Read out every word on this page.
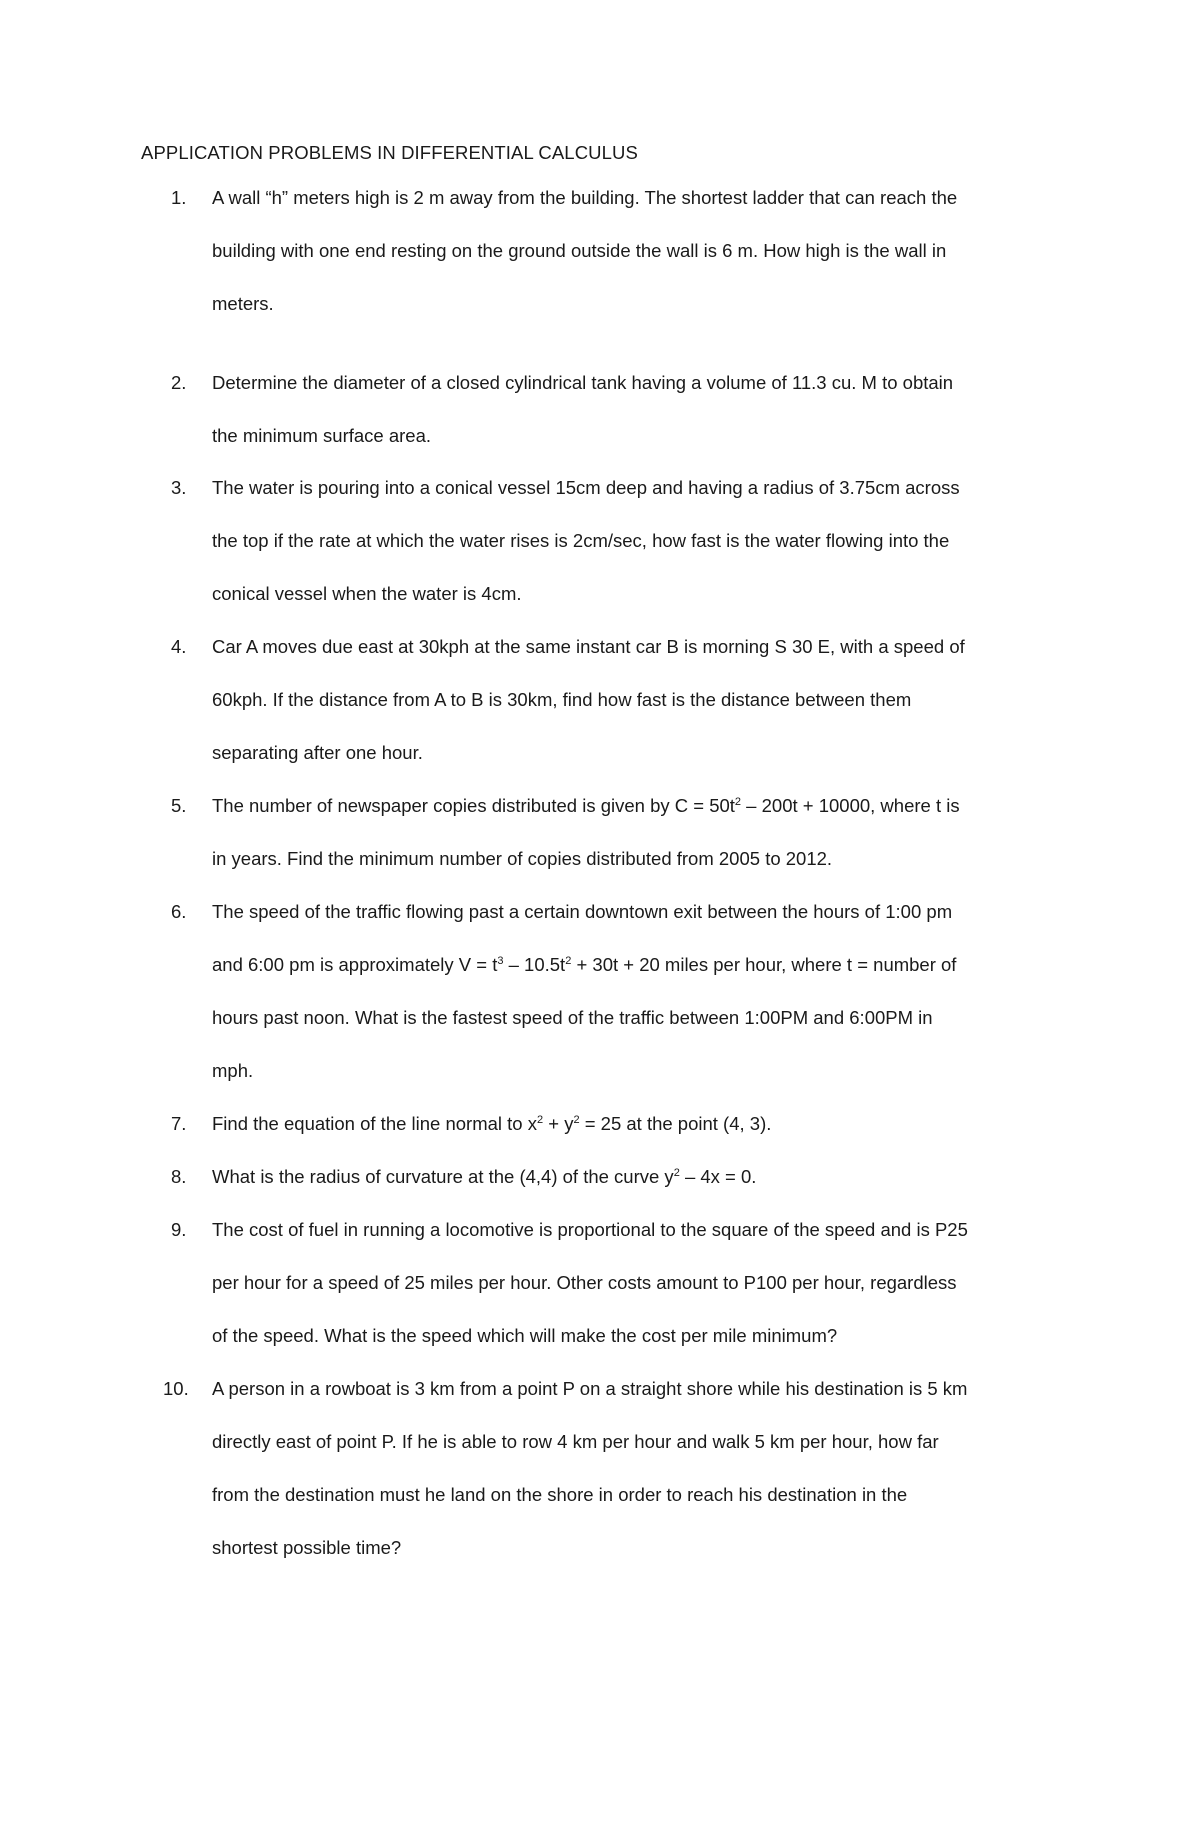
APPLICATION PROBLEMS IN DIFFERENTIAL CALCULUS
1.	A wall “h” meters high is 2 m away from the building. The shortest ladder that can reach the
building with one end resting on the ground outside the wall is 6 m. How high is the wall in
meters.
2.	Determine the diameter of a closed cylindrical tank having a volume of 11.3 cu. M to obtain
the minimum surface area.
3.	The water is pouring into a conical vessel 15cm deep and having a radius of 3.75cm across
the top if the rate at which the water rises is 2cm/sec, how fast is the water flowing into the
conical vessel when the water is 4cm.
4.	Car A moves due east at 30kph at the same instant car B is morning S 30 E, with a speed of
60kph. If the distance from A to B is 30km, find how fast is the distance between them
separating after one hour.
5.	The number of newspaper copies distributed is given by $C = 50t^2 - 200t + 10000$, where t is
in years. Find the minimum number of copies distributed from 2005 to 2012.
6.	The speed of the traffic flowing past a certain downtown exit between the hours of 1:00 pm
and 6:00 pm is approximately $V = t^3 - 10.5t^2 + 30t + 20$ miles per hour, where t = number of
hours past noon. What is the fastest speed of the traffic between 1:00PM and 6:00PM in
mph.
7.	Find the equation of the line normal to $x^2 + y^2 = 25$ at the point (4, 3).
8.	What is the radius of curvature at the (4,4) of the curve $y^2 - 4x = 0$.
9.	The cost of fuel in running a locomotive is proportional to the square of the speed and is P25
per hour for a speed of 25 miles per hour. Other costs amount to P100 per hour, regardless
of the speed. What is the speed which will make the cost per mile minimum?
10.	A person in a rowboat is 3 km from a point P on a straight shore while his destination is 5 km
directly east of point P. If he is able to row 4 km per hour and walk 5 km per hour, how far
from the destination must he land on the shore in order to reach his destination in the
shortest possible time?
